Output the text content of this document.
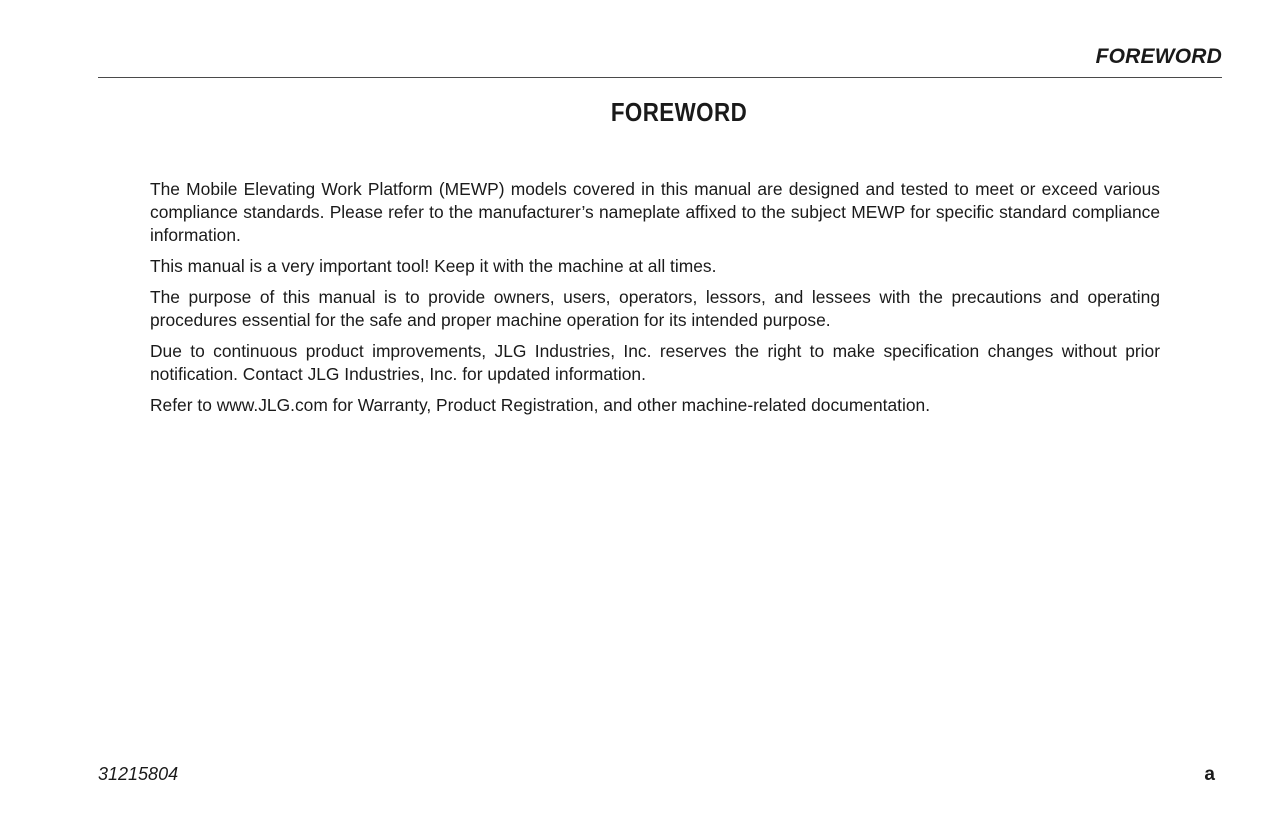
FOREWORD
FOREWORD

The Mobile Elevating Work Platform (MEWP) models covered in this manual are designed and tested to meet or exceed various compliance standards. Please refer to the manufacturer’s nameplate affixed to the subject MEWP for specific standard compliance information.

This manual is a very important tool! Keep it with the machine at all times.

The purpose of this manual is to provide owners, users, operators, lessors, and lessees with the precautions and operating procedures essential for the safe and proper machine operation for its intended purpose.

Due to continuous product improvements, JLG Industries, Inc. reserves the right to make specification changes without prior notification. Contact JLG Industries, Inc. for updated information.

Refer to www.JLG.com for Warranty, Product Registration, and other machine-related documentation.

31215804	a
